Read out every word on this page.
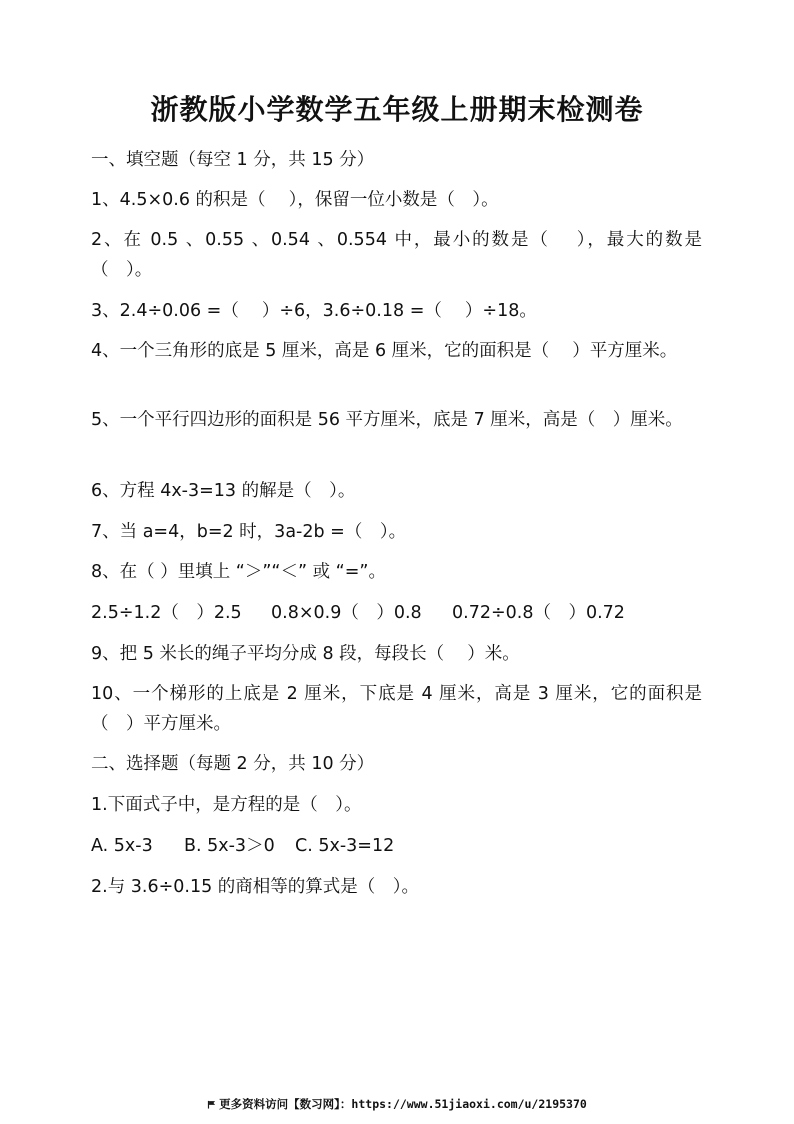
浙教版小学数学五年级上册期末检测卷
一、填空题（每空 1 分，共 15 分）
1、4.5×0.6 的积是（　 ），保留一位小数是（　）。
2、在 0.5 、0.55 、0.54 、0.554 中，最小的数是（　 ），最大的数是（　）。
3、2.4÷0.06 =（　 ）÷6，3.6÷0.18 =（　 ）÷18。
4、一个三角形的底是 5 厘米，高是 6 厘米，它的面积是（　 ）平方厘米。
5、一个平行四边形的面积是 56 平方厘米，底是 7 厘米，高是（　）厘米。
6、方程 4x-3=13 的解是（　）。
7、当 a=4，b=2 时，3a-2b =（　）。
8、在（ ）里填上 “＞”“＜” 或 “=”。
2.5÷1.2（　）2.5 0.8×0.9（　）0.8 0.72÷0.8（　）0.72
9、把 5 米长的绳子平均分成 8 段，每段长（　 ）米。
10、一个梯形的上底是 2 厘米，下底是 4 厘米，高是 3 厘米，它的面积是（　）平方厘米。
二、选择题（每题 2 分，共 10 分）
1.下面式子中，是方程的是（　）。
A. 5x-3 B. 5x-3＞0 C. 5x-3=12
2.与 3.6÷0.15 的商相等的算式是（　）。
更多资料访问【数习网】：https://www.51jiaoxi.com/u/2195370
